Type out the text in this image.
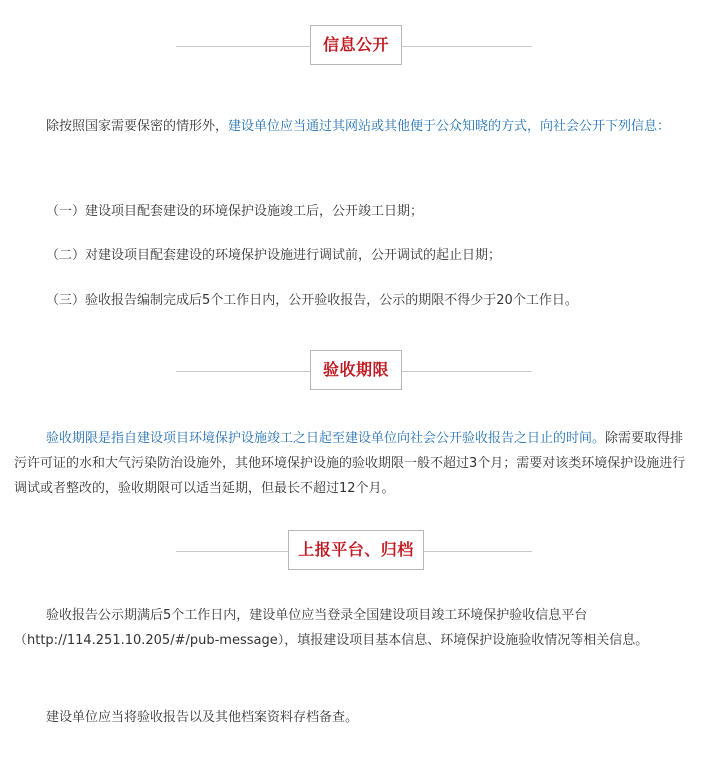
信息公开

除按照国家需要保密的情形外，建设单位应当通过其网站或其他便于公众知晓的方式，向社会公开下列信息：

（一）建设项目配套建设的环境保护设施竣工后，公开竣工日期；

（二）对建设项目配套建设的环境保护设施进行调试前，公开调试的起止日期；

（三）验收报告编制完成后5个工作日内，公开验收报告，公示的期限不得少于20个工作日。

验收期限

验收期限是指自建设项目环境保护设施竣工之日起至建设单位向社会公开验收报告之日止的时间。除需要取得排污许可证的水和大气污染防治设施外，其他环境保护设施的验收期限一般不超过3个月；需要对该类环境保护设施进行调试或者整改的，验收期限可以适当延期，但最长不超过12个月。

上报平台、归档

验收报告公示期满后5个工作日内，建设单位应当登录全国建设项目竣工环境保护验收信息平台（http://114.251.10.205/#/pub-message），填报建设项目基本信息、环境保护设施验收情况等相关信息。

建设单位应当将验收报告以及其他档案资料存档备查。
